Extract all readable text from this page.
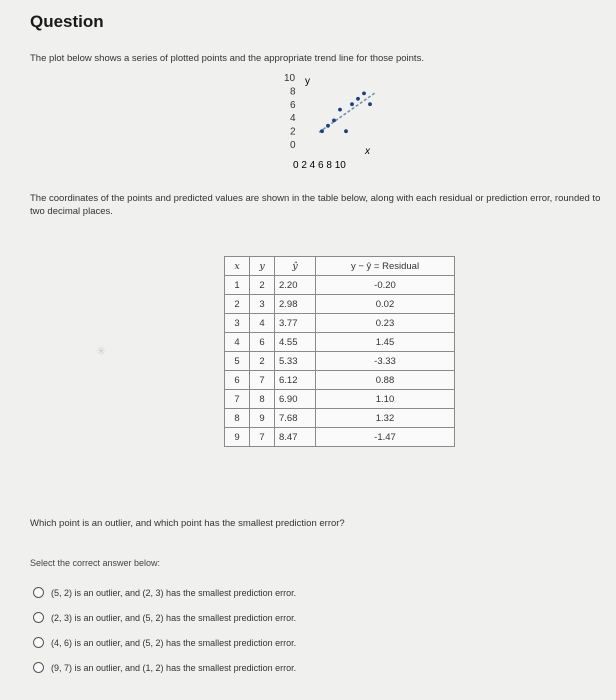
Question
The plot below shows a series of plotted points and the appropriate trend line for those points.
10
8
6
4
2
0
y
x
0 2 4 6 8 10
The coordinates of the points and predicted values are shown in the table below, along with each residual or prediction error, rounded to two decimal places.
✳
x	y	ŷ	y − ŷ = Residual
1	2	2.20	-0.20
2	3	2.98	0.02
3	4	3.77	0.23
4	6	4.55	1.45
5	2	5.33	-3.33
6	7	6.12	0.88
7	8	6.90	1.10
8	9	7.68	1.32
9	7	8.47	-1.47
Which point is an outlier, and which point has the smallest prediction error?
Select the correct answer below:
(5, 2) is an outlier, and (2, 3) has the smallest prediction error.
(2, 3) is an outlier, and (5, 2) has the smallest prediction error.
(4, 6) is an outlier, and (5, 2) has the smallest prediction error.
(9, 7) is an outlier, and (1, 2) has the smallest prediction error.
